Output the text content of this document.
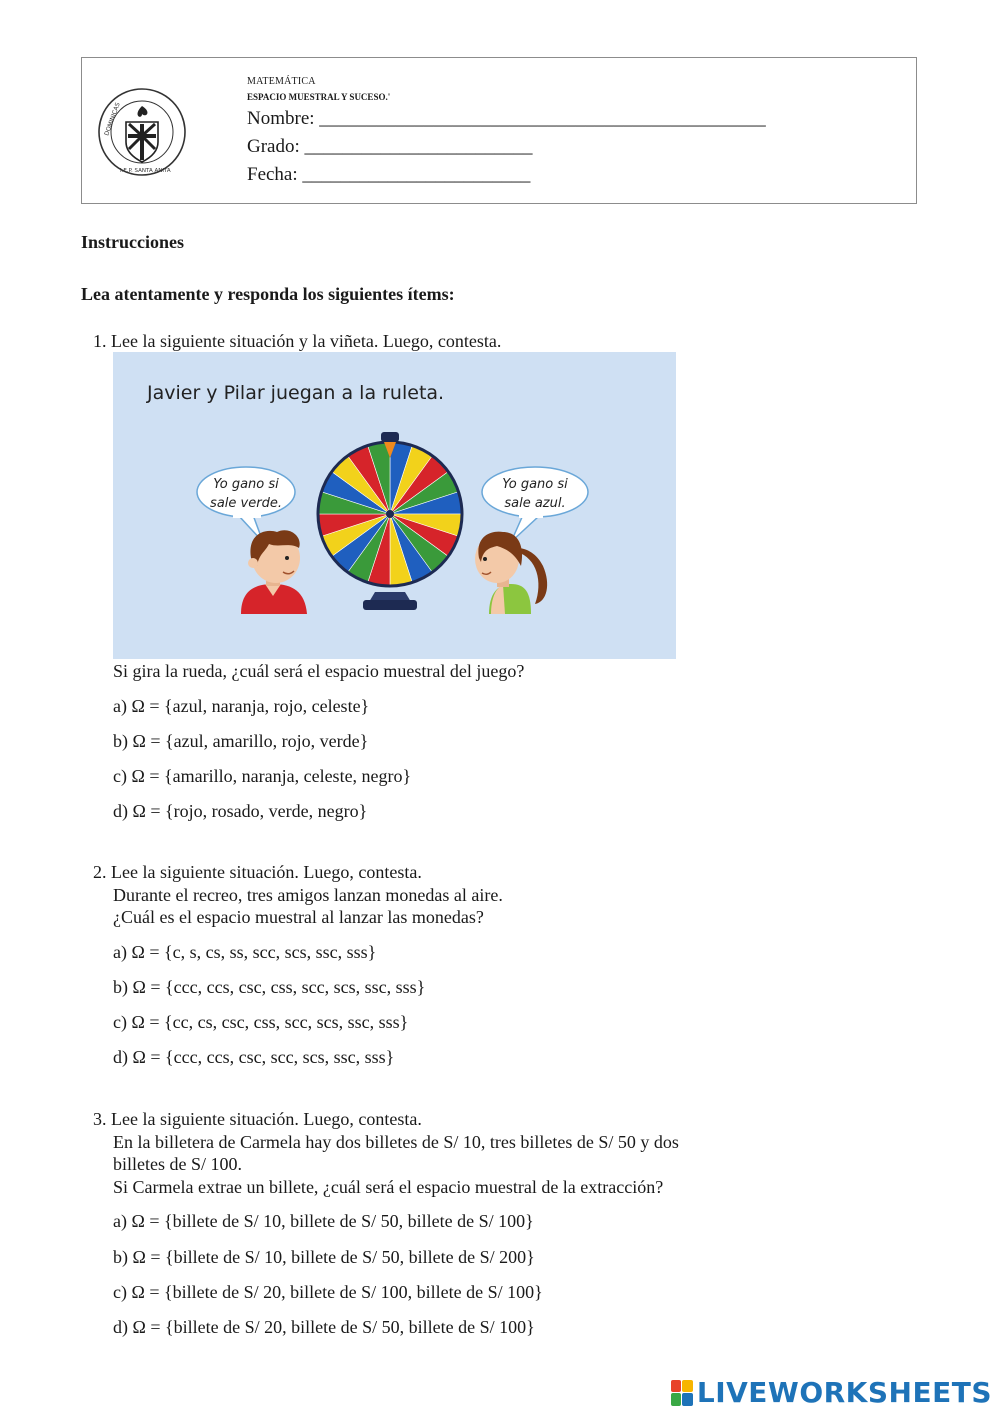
DOMINICAS
I.E.P. SANTA ANITA
MATEMÁTICA
ESPACIO MUESTRAL Y SUCESO.'
Nombre: _______________________________________________
Grado: ________________________
Fecha: ________________________
Instrucciones
Lea atentamente y responda los siguientes ítems:
1. Lee la siguiente situación y la viñeta. Luego, contesta.
Javier y Pilar juegan a la ruleta.
Yo gano si
sale verde.
Yo gano si
sale azul.
Si gira la rueda, ¿cuál será el espacio muestral del juego?
a) Ω = {azul, naranja, rojo, celeste}
b) Ω = {azul, amarillo, rojo, verde}
c) Ω = {amarillo, naranja, celeste, negro}
d) Ω = {rojo, rosado, verde, negro}
2. Lee la siguiente situación. Luego, contesta.
Durante el recreo, tres amigos lanzan monedas al aire.
¿Cuál es el espacio muestral al lanzar las monedas?
a) Ω = {c, s, cs, ss, scc, scs, ssc, sss}
b) Ω = {ccc, ccs, csc, css, scc, scs, ssc, sss}
c) Ω = {cc, cs, csc, css, scc, scs, ssc, sss}
d) Ω = {ccc, ccs, csc, scc, scs, ssc, sss}
3. Lee la siguiente situación. Luego, contesta.
En la billetera de Carmela hay dos billetes de S/ 10, tres billetes de S/ 50 y dos
billetes de S/ 100.
Si Carmela extrae un billete, ¿cuál será el espacio muestral de la extracción?
a) Ω = {billete de S/ 10, billete de S/ 50, billete de S/ 100}
b) Ω = {billete de S/ 10, billete de S/ 50, billete de S/ 200}
c) Ω = {billete de S/ 20, billete de S/ 100, billete de S/ 100}
d) Ω = {billete de S/ 20, billete de S/ 50, billete de S/ 100}
LIVEWORKSHEETS
